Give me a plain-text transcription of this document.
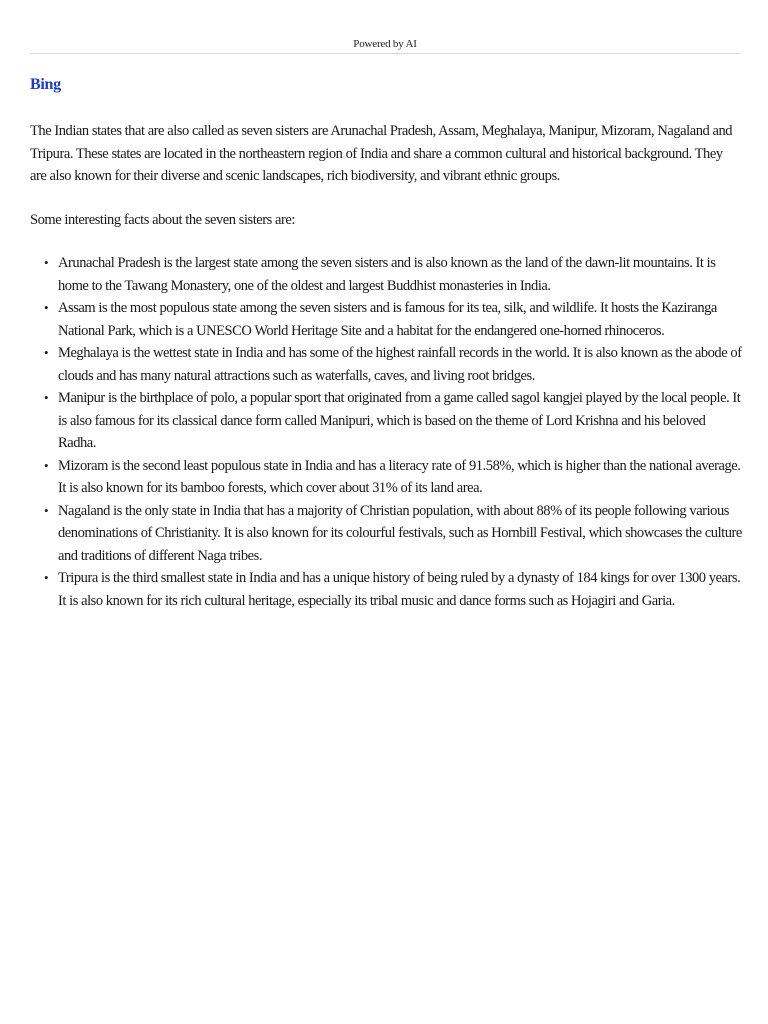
Powered by AI
Bing

The Indian states that are also called as seven sisters are Arunachal Pradesh, Assam, Meghalaya, Manipur, Mizoram, Nagaland and Tripura. These states are located in the northeastern region of India and share a common cultural and historical background. They are also known for their diverse and scenic landscapes, rich biodiversity, and vibrant ethnic groups.

Some interesting facts about the seven sisters are:

• Arunachal Pradesh is the largest state among the seven sisters and is also known as the land of the dawn-lit mountains. It is home to the Tawang Monastery, one of the oldest and largest Buddhist monasteries in India.
• Assam is the most populous state among the seven sisters and is famous for its tea, silk, and wildlife. It hosts the Kaziranga National Park, which is a UNESCO World Heritage Site and a habitat for the endangered one-horned rhinoceros.
• Meghalaya is the wettest state in India and has some of the highest rainfall records in the world. It is also known as the abode of clouds and has many natural attractions such as waterfalls, caves, and living root bridges.
• Manipur is the birthplace of polo, a popular sport that originated from a game called sagol kangjei played by the local people. It is also famous for its classical dance form called Manipuri, which is based on the theme of Lord Krishna and his beloved Radha.
• Mizoram is the second least populous state in India and has a literacy rate of 91.58%, which is higher than the national average. It is also known for its bamboo forests, which cover about 31% of its land area.
• Nagaland is the only state in India that has a majority of Christian population, with about 88% of its people following various denominations of Christianity. It is also known for its colourful festivals, such as Hornbill Festival, which showcases the culture and traditions of different Naga tribes.
• Tripura is the third smallest state in India and has a unique history of being ruled by a dynasty of 184 kings for over 1300 years. It is also known for its rich cultural heritage, especially its tribal music and dance forms such as Hojagiri and Garia.
